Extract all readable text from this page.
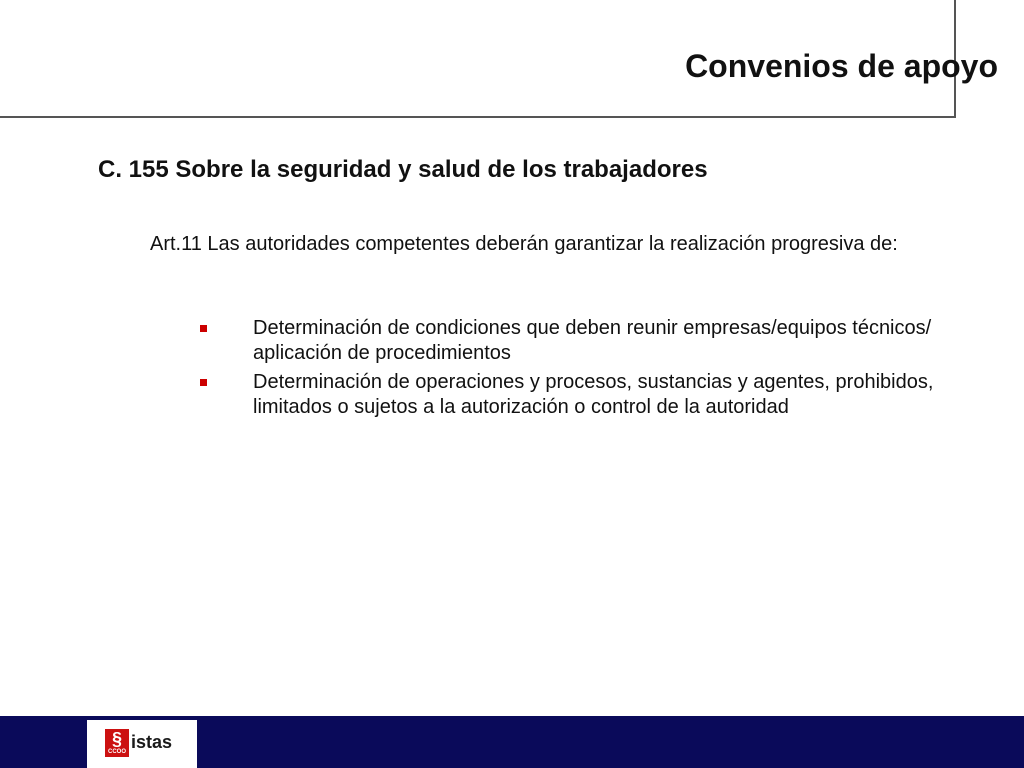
Convenios de apoyo
C. 155 Sobre la seguridad y salud de los trabajadores

Art.11 Las autoridades competentes deberán garantizar la realización progresiva de:

Determinación de condiciones que deben reunir empresas/equipos técnicos/ aplicación de procedimientos
Determinación de operaciones y procesos, sustancias y agentes, prohibidos, limitados o sujetos a la autorización o control de la autoridad
§
CCOO istas
